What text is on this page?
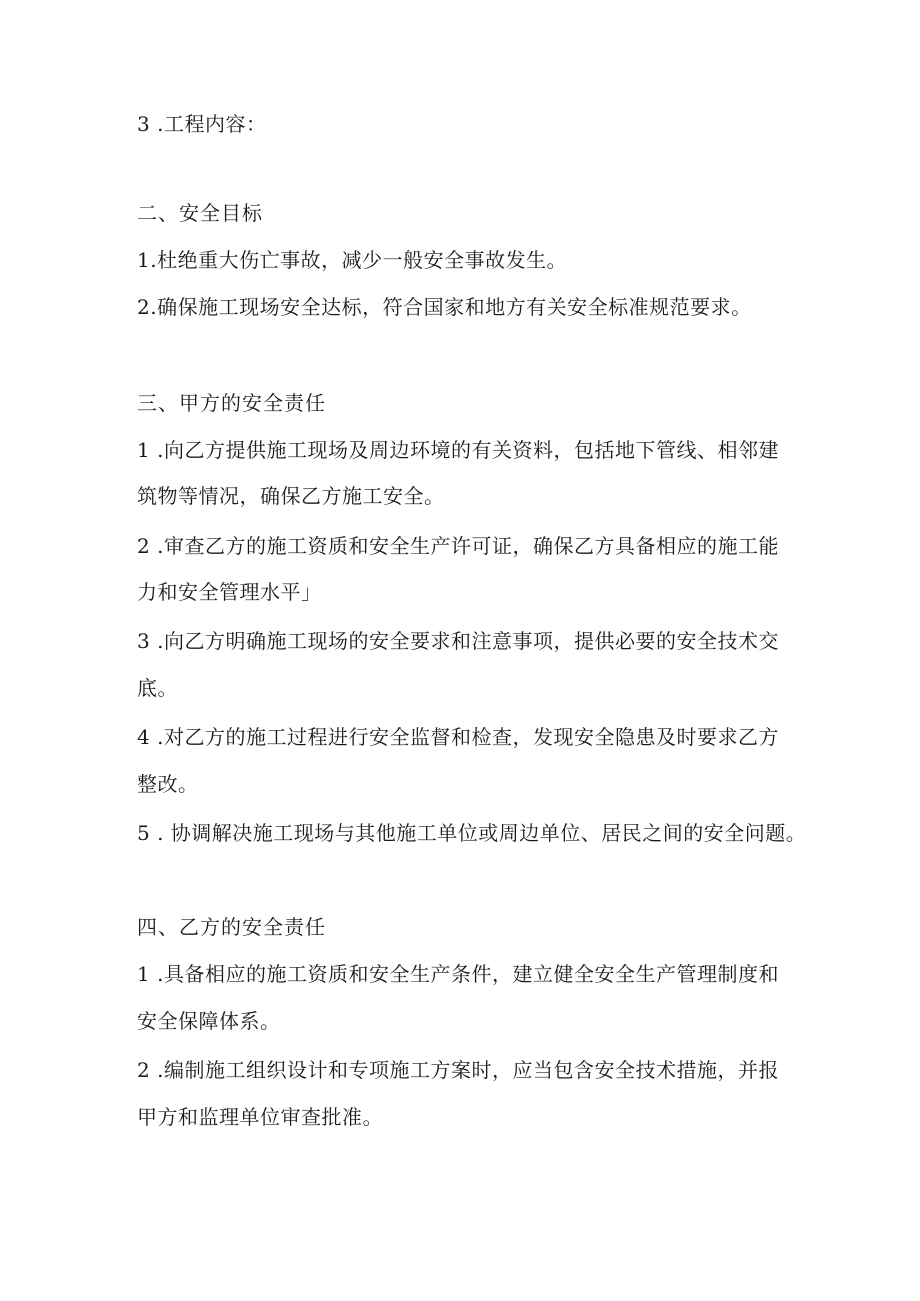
3 .工程内容：
二、安全目标
1.杜绝重大伤亡事故，减少一般安全事故发生。
2.确保施工现场安全达标，符合国家和地方有关安全标准规范要求。
三、甲方的安全责任
1 .向乙方提供施工现场及周边环境的有关资料，包括地下管线、相邻建
筑物等情况，确保乙方施工安全。
2 .审查乙方的施工资质和安全生产许可证，确保乙方具备相应的施工能
力和安全管理水平」
3 .向乙方明确施工现场的安全要求和注意事项，提供必要的安全技术交
底。
4 .对乙方的施工过程进行安全监督和检查，发现安全隐患及时要求乙方
整改。
5 . 协调解决施工现场与其他施工单位或周边单位、居民之间的安全问题。
四、乙方的安全责任
1 .具备相应的施工资质和安全生产条件，建立健全安全生产管理制度和
安全保障体系。
2 .编制施工组织设计和专项施工方案时，应当包含安全技术措施，并报
甲方和监理单位审查批准。
